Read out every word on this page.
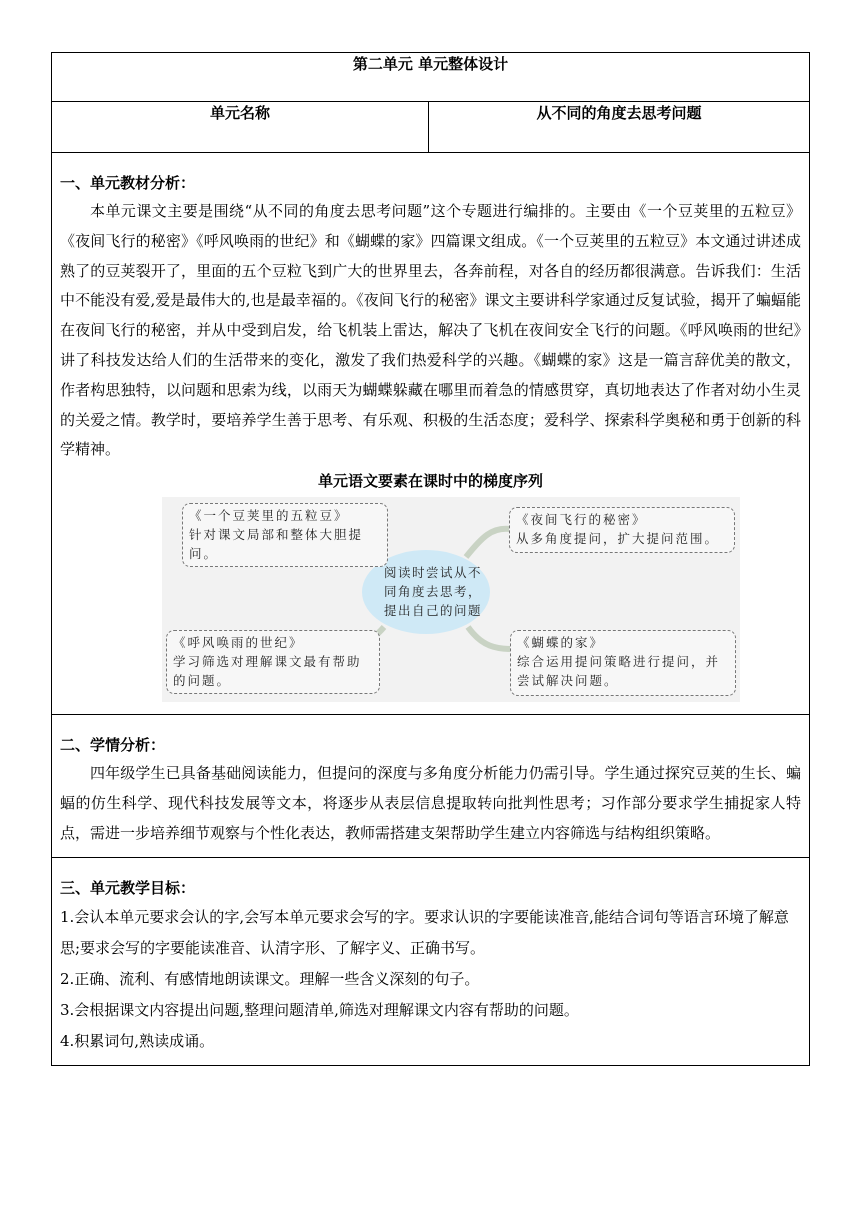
第二单元 单元整体设计
单元名称	从不同的角度去思考问题

一、单元教材分析：

本单元课文主要是围绕“从不同的角度去思考问题”这个专题进行编排的。主要由《一个豆荚里的五粒豆》《夜间飞行的秘密》《呼风唤雨的世纪》和《蝴蝶的家》四篇课文组成。《一个豆荚里的五粒豆》本文通过讲述成熟了的豆荚裂开了，里面的五个豆粒飞到广大的世界里去，各奔前程，对各自的经历都很满意。告诉我们：生活中不能没有爱,爱是最伟大的,也是最幸福的。《夜间飞行的秘密》课文主要讲科学家通过反复试验，揭开了蝙蝠能在夜间飞行的秘密，并从中受到启发，给飞机装上雷达，解决了飞机在夜间安全飞行的问题。《呼风唤雨的世纪》讲了科技发达给人们的生活带来的变化，激发了我们热爱科学的兴趣。《蝴蝶的家》这是一篇言辞优美的散文，作者构思独特，以问题和思索为线，以雨天为蝴蝶躲藏在哪里而着急的情感贯穿，真切地表达了作者对幼小生灵的关爱之情。教学时，要培养学生善于思考、有乐观、积极的生活态度；爱科学、探索科学奥秘和勇于创新的科学精神。

单元语文要素在课时中的梯度序列
阅读时尝试从不同角度去思考，提出自己的问题
《一个豆荚里的五粒豆》
针对课文局部和整体大胆提问。
《夜间飞行的秘密》
从多角度提问，扩大提问范围。
《呼风唤雨的世纪》
学习筛选对理解课文最有帮助的问题。
《蝴蝶的家》
综合运用提问策略进行提问，并尝试解决问题。

二、学情分析：

四年级学生已具备基础阅读能力，但提问的深度与多角度分析能力仍需引导。学生通过探究豆荚的生长、蝙蝠的仿生科学、现代科技发展等文本，将逐步从表层信息提取转向批判性思考；习作部分要求学生捕捉家人特点，需进一步培养细节观察与个性化表达，教师需搭建支架帮助学生建立内容筛选与结构组织策略。

三、单元教学目标：

1.会认本单元要求会认的字,会写本单元要求会写的字。要求认识的字要能读准音,能结合词句等语言环境了解意思;要求会写的字要能读准音、认清字形、了解字义、正确书写。

2.正确、流利、有感情地朗读课文。理解一些含义深刻的句子。

3.会根据课文内容提出问题,整理问题清单,筛选对理解课文内容有帮助的问题。

4.积累词句,熟读成诵。
